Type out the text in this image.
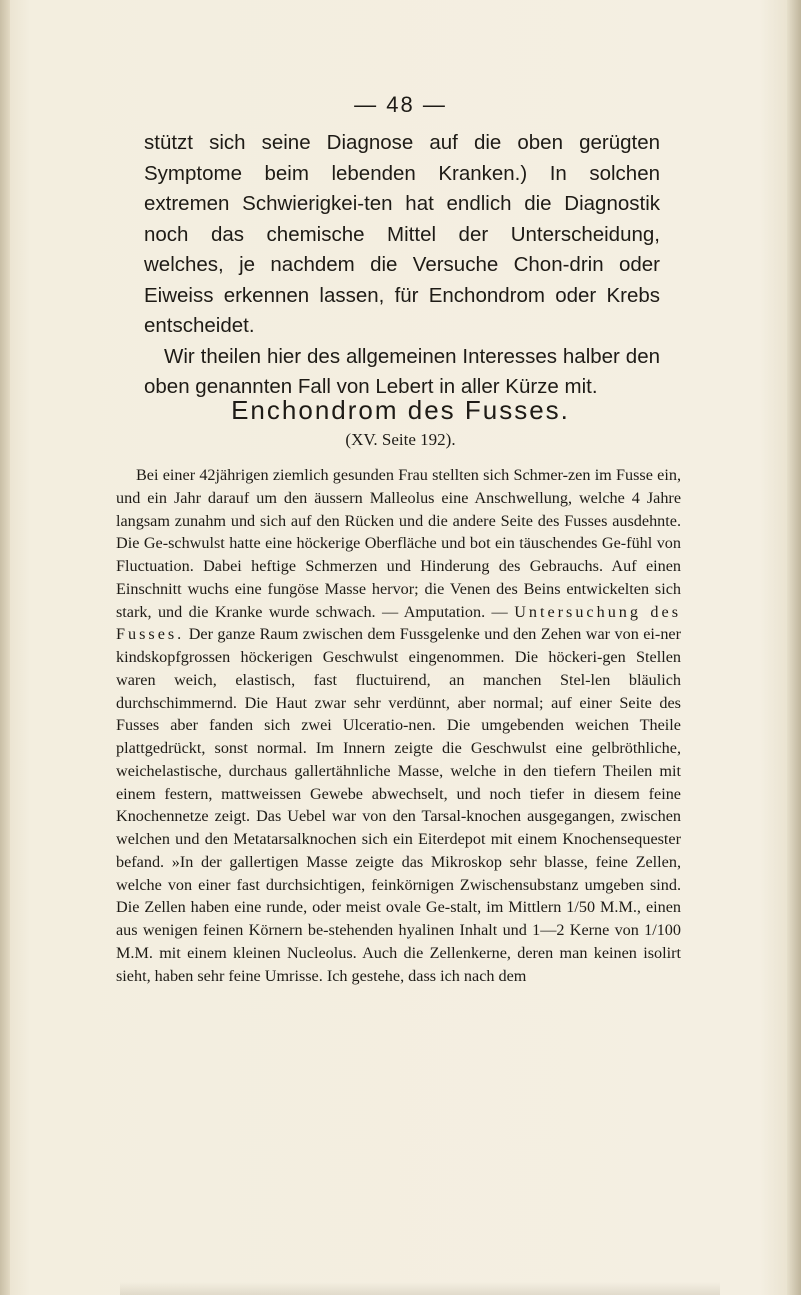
— 48 —

stützt sich seine Diagnose auf die oben gerügten Symptome beim lebenden Kranken.) In solchen extremen Schwierigkei-ten hat endlich die Diagnostik noch das chemische Mittel der Unterscheidung, welches, je nachdem die Versuche Chon-drin oder Eiweiss erkennen lassen, für Enchondrom oder Krebs entscheidet.

Wir theilen hier des allgemeinen Interesses halber den oben genannten Fall von Lebert in aller Kürze mit.

Enchondrom des Fusses.
(XV. Seite 192).

Bei einer 42jährigen ziemlich gesunden Frau stellten sich Schmer-zen im Fusse ein, und ein Jahr darauf um den äussern Malleolus eine Anschwellung, welche 4 Jahre langsam zunahm und sich auf den Rücken und die andere Seite des Fusses ausdehnte. Die Ge-schwulst hatte eine höckerige Oberfläche und bot ein täuschendes Ge-fühl von Fluctuation. Dabei heftige Schmerzen und Hinderung des Gebrauchs. Auf einen Einschnitt wuchs eine fungöse Masse hervor; die Venen des Beins entwickelten sich stark, und die Kranke wurde schwach. — Amputation. — Untersuchung des Fusses. Der ganze Raum zwischen dem Fussgelenke und den Zehen war von ei-ner kindskopfgrossen höckerigen Geschwulst eingenommen. Die höckeri-gen Stellen waren weich, elastisch, fast fluctuirend, an manchen Stel-len bläulich durchschimmernd. Die Haut zwar sehr verdünnt, aber normal; auf einer Seite des Fusses aber fanden sich zwei Ulceratio-nen. Die umgebenden weichen Theile plattgedrückt, sonst normal. Im Innern zeigte die Geschwulst eine gelbröthliche, weichelastische, durchaus gallertähnliche Masse, welche in den tiefern Theilen mit einem festern, mattweissen Gewebe abwechselt, und noch tiefer in diesem feine Knochennetze zeigt. Das Uebel war von den Tarsal-knochen ausgegangen, zwischen welchen und den Metatarsalknochen sich ein Eiterdepot mit einem Knochensequester befand. »In der gallertigen Masse zeigte das Mikroskop sehr blasse, feine Zellen, welche von einer fast durchsichtigen, feinkörnigen Zwischensubstanz umgeben sind. Die Zellen haben eine runde, oder meist ovale Ge-stalt, im Mittlern 1/50 M.M., einen aus wenigen feinen Körnern be-stehenden hyalinen Inhalt und 1—2 Kerne von 1/100 M.M. mit einem kleinen Nucleolus. Auch die Zellenkerne, deren man keinen isolirt sieht, haben sehr feine Umrisse. Ich gestehe, dass ich nach dem
